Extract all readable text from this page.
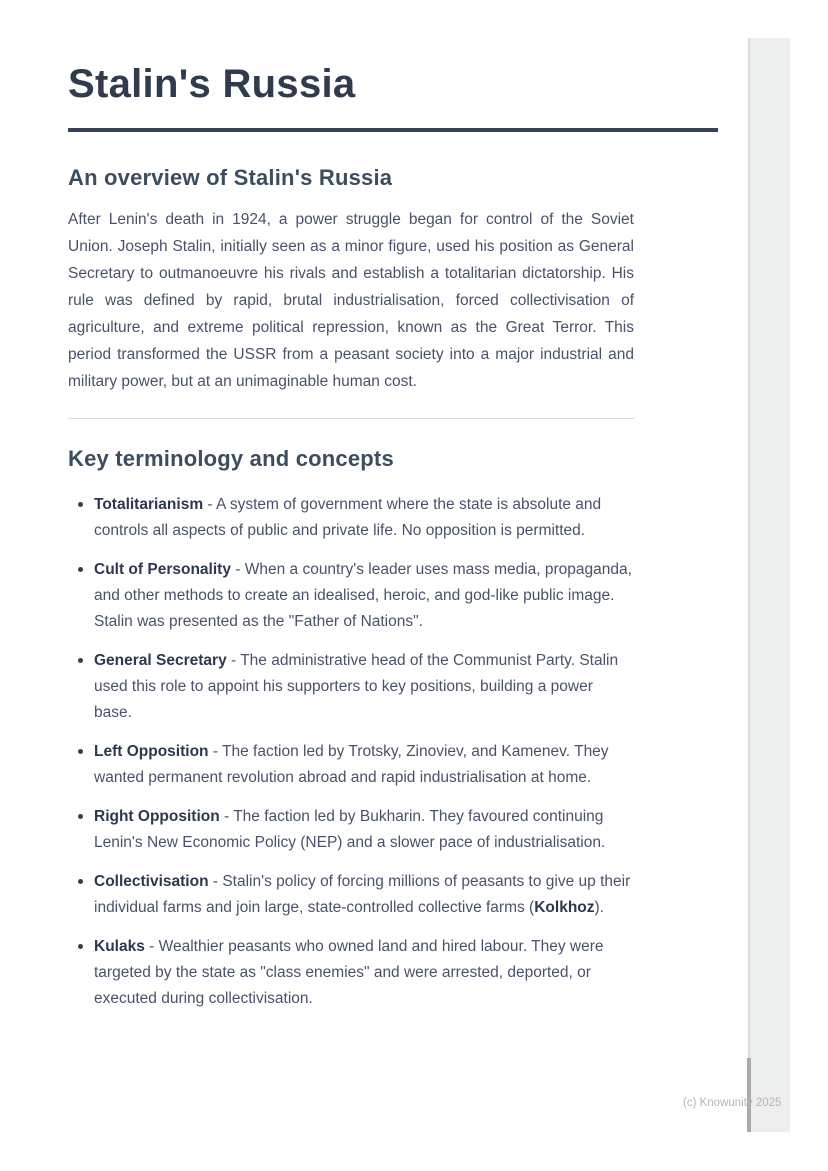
Stalin's Russia
An overview of Stalin's Russia

After Lenin's death in 1924, a power struggle began for control of the Soviet Union. Joseph Stalin, initially seen as a minor figure, used his position as General Secretary to outmanoeuvre his rivals and establish a totalitarian dictatorship. His rule was defined by rapid, brutal industrialisation, forced collectivisation of agriculture, and extreme political repression, known as the Great Terror. This period transformed the USSR from a peasant society into a major industrial and military power, but at an unimaginable human cost.

Key terminology and concepts
Totalitarianism - A system of government where the state is absolute and controls all aspects of public and private life. No opposition is permitted.
Cult of Personality - When a country's leader uses mass media, propaganda, and other methods to create an idealised, heroic, and god-like public image. Stalin was presented as the "Father of Nations".
General Secretary - The administrative head of the Communist Party. Stalin used this role to appoint his supporters to key positions, building a power base.
Left Opposition - The faction led by Trotsky, Zinoviev, and Kamenev. They wanted permanent revolution abroad and rapid industrialisation at home.
Right Opposition - The faction led by Bukharin. They favoured continuing Lenin's New Economic Policy (NEP) and a slower pace of industrialisation.
Collectivisation - Stalin's policy of forcing millions of peasants to give up their individual farms and join large, state-controlled collective farms (Kolkhoz).
Kulaks - Wealthier peasants who owned land and hired labour. They were targeted by the state as "class enemies" and were arrested, deported, or executed during collectivisation.
(c) Knowunity 2025
